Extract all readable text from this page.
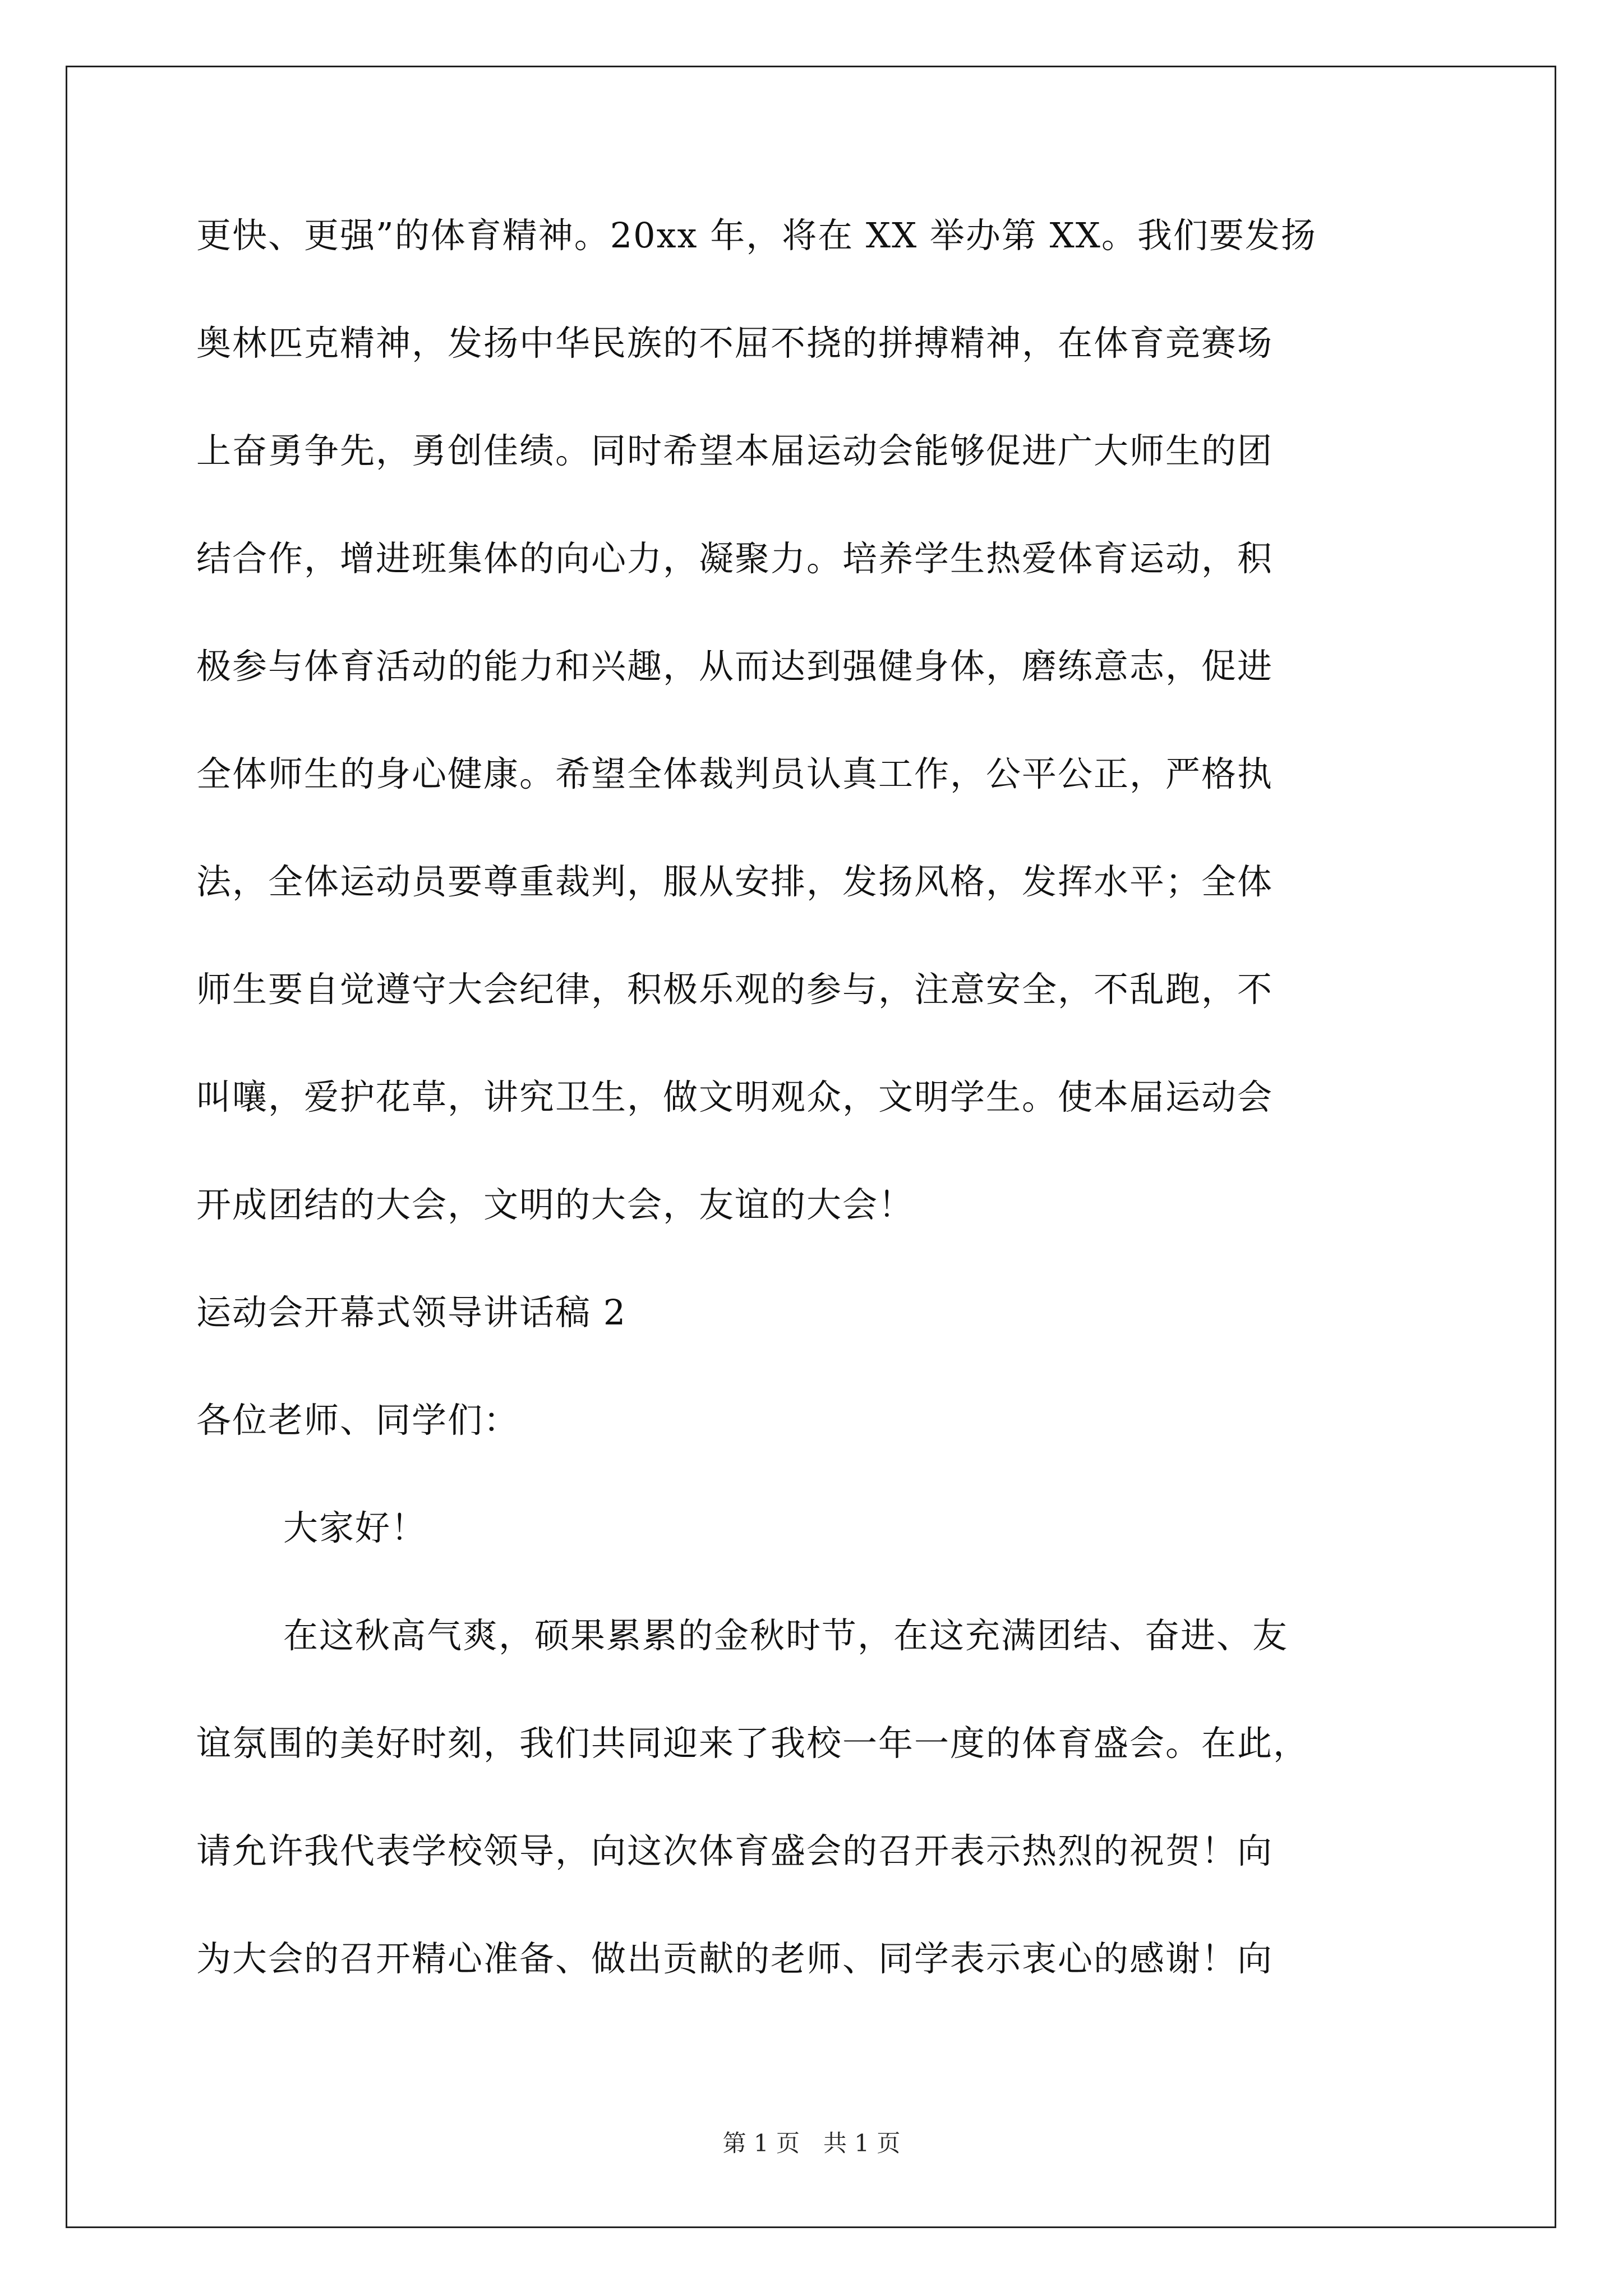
更快、更强”的体育精神。20xx 年，将在 XX 举办第 XX。我们要发扬

奥林匹克精神，发扬中华民族的不屈不挠的拼搏精神，在体育竞赛场

上奋勇争先，勇创佳绩。同时希望本届运动会能够促进广大师生的团

结合作，增进班集体的向心力，凝聚力。培养学生热爱体育运动，积

极参与体育活动的能力和兴趣，从而达到强健身体，磨练意志，促进

全体师生的身心健康。希望全体裁判员认真工作，公平公正，严格执

法，全体运动员要尊重裁判，服从安排，发扬风格，发挥水平；全体

师生要自觉遵守大会纪律，积极乐观的参与，注意安全，不乱跑，不

叫嚷，爱护花草，讲究卫生，做文明观众，文明学生。使本届运动会

开成团结的大会，文明的大会，友谊的大会！

运动会开幕式领导讲话稿 2

各位老师、同学们：

大家好！

在这秋高气爽，硕果累累的金秋时节，在这充满团结、奋进、友

谊氛围的美好时刻，我们共同迎来了我校一年一度的体育盛会。在此，

请允许我代表学校领导，向这次体育盛会的召开表示热烈的祝贺！向

为大会的召开精心准备、做出贡献的老师、同学表示衷心的感谢！向

第 1 页　共 1 页
